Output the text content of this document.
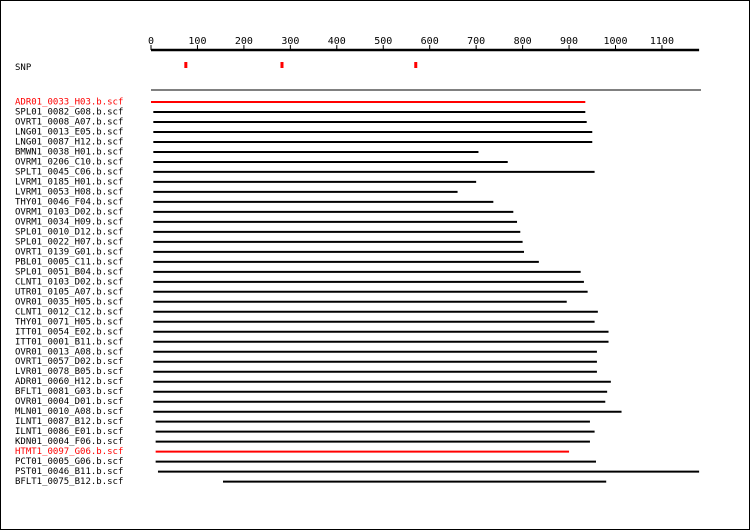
0	100	200	300	400	500	600	700	800	900	1000 1100
SNP
ADR01_0033_H03.b.scf
SPL01_0082_G08.b.scf
OVRT1_0008_A07.b.scf
LNG01_0013_E05.b.scf
LNG01_0087_H12.b.scf
BMWN1_0038_H01.b.scf
OVRM1_0206_C10.b.scf
SPLT1_0045_C06.b.scf
LVRM1_0185_H01.b.scf
LVRM1_0053_H08.b.scf
THY01_0046_F04.b.scf
OVRM1_0103_D02.b.scf
OVRM1_0034_H09.b.scf
SPL01_0010_D12.b.scf
SPL01_0022_H07.b.scf
OVRT1_0139_G01.b.scf
PBL01_0005_C11.b.scf
SPL01_0051_B04.b.scf
CLNT1_0103_D02.b.scf
UTR01_0105_A07.b.scf
OVR01_0035_H05.b.scf
CLNT1_0012_C12.b.scf
THY01_0071_H05.b.scf
ITT01_0054_E02.b.scf
ITT01_0001_B11.b.scf
OVR01_0013_A08.b.scf
OVRT1_0057_D02.b.scf
LVR01_0078_B05.b.scf
ADR01_0060_H12.b.scf
BFLT1_0081_G03.b.scf
OVR01_0004_D01.b.scf
MLN01_0010_A08.b.scf
ILNT1_0087_B12.b.scf
ILNT1_0086_E01.b.scf
KDN01_0004_F06.b.scf
HTMT1_0097_G06.b.scf
PCT01_0005_G06.b.scf
PST01_0046_B11.b.scf
BFLT1_0075_B12.b.scf
